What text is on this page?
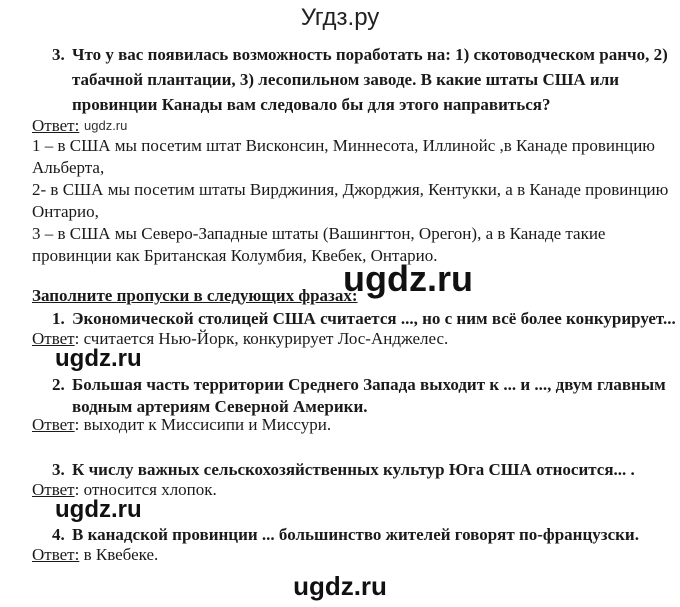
Угдз.ру
3. Что у вас появилась возможность поработать на: 1) скотоводческом ранчо, 2)
табачной плантации, 3) лесопильном заводе. В какие штаты США или
провинции Канады вам следовало бы для этого направиться?
Ответ: ugdz.ru
1 – в США мы посетим штат Висконсин, Миннесота, Иллинойс ,в Канаде провинцию
Альберта,
2- в США мы посетим штаты Вирджиния, Джорджия, Кентукки, а в Канаде провинцию
Онтарио,
3 – в США мы Северо-Западные штаты (Вашингтон, Орегон), а в Канаде такие
провинции как Британская Колумбия, Квебек, Онтарио.
ugdz.ru
Заполните пропуски в следующих фразах:
1. Экономической столицей США считается ..., но с ним всё более конкурирует...
Ответ: считается Нью-Йорк, конкурирует Лос-Анджелес.
ugdz.ru
2. Большая часть территории Среднего Запада выходит к ... и ..., двум главным
водным артериям Северной Америки.
Ответ: выходит к Миссисипи и Миссури.
3. К числу важных сельскохозяйственных культур Юга США относится... .
Ответ: относится хлопок.
ugdz.ru
4. В канадской провинции ... большинство жителей говорят по-французски.
Ответ: в Квебеке.
ugdz.ru
